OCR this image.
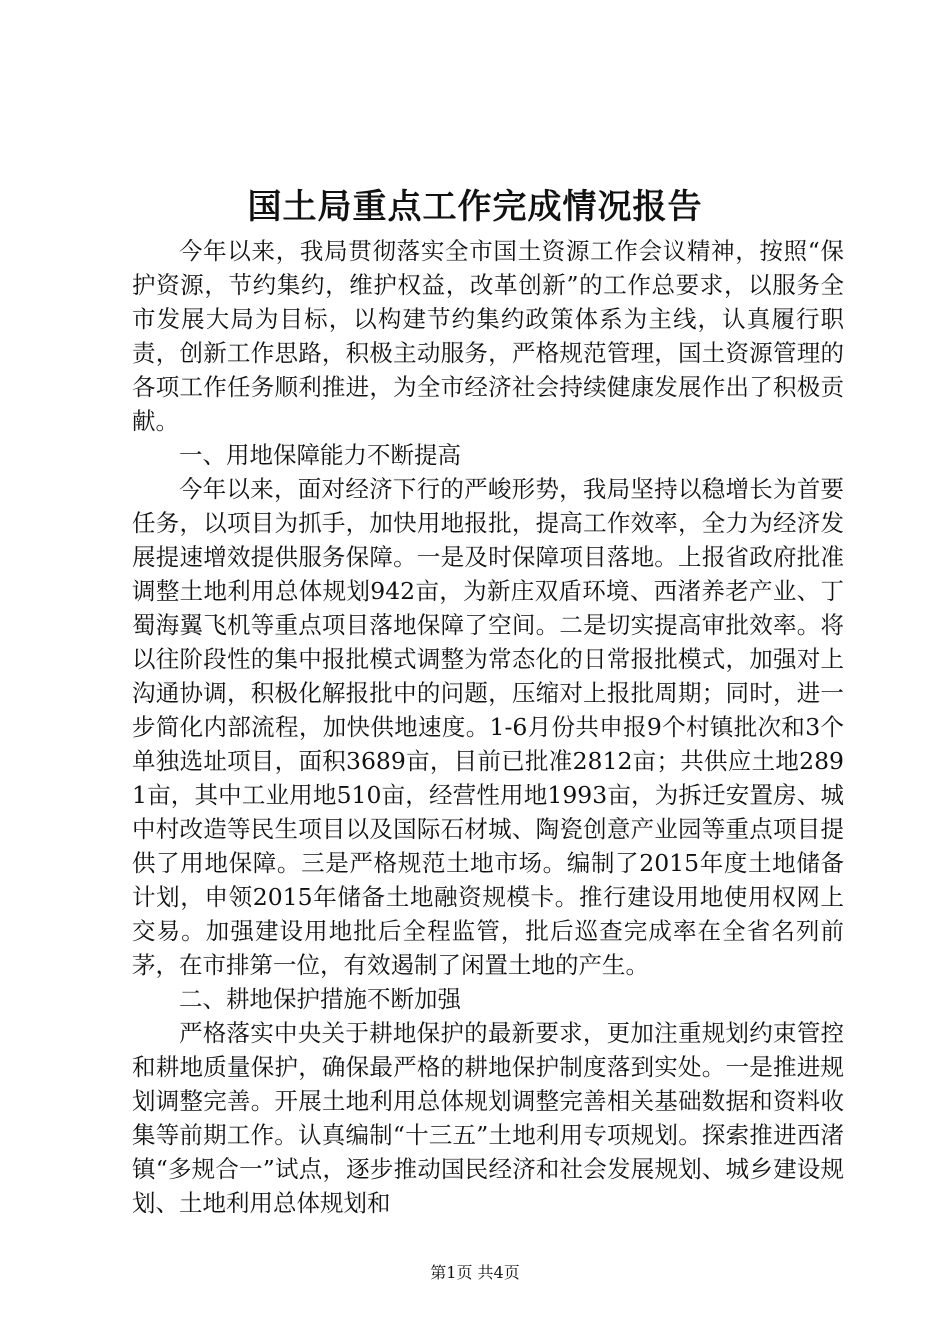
国土局重点工作完成情况报告

今年以来，我局贯彻落实全市国土资源工作会议精神，按照“保护资源，节约集约，维护权益，改革创新”的工作总要求，以服务全市发展大局为目标，以构建节约集约政策体系为主线，认真履行职责，创新工作思路，积极主动服务，严格规范管理，国土资源管理的各项工作任务顺利推进，为全市经济社会持续健康发展作出了积极贡献。

一、用地保障能力不断提高

今年以来，面对经济下行的严峻形势，我局坚持以稳增长为首要任务，以项目为抓手，加快用地报批，提高工作效率，全力为经济发展提速增效提供服务保障。一是及时保障项目落地。上报省政府批准调整土地利用总体规划942亩，为新庄双盾环境、西渚养老产业、丁蜀海翼飞机等重点项目落地保障了空间。二是切实提高审批效率。将以往阶段性的集中报批模式调整为常态化的日常报批模式，加强对上沟通协调，积极化解报批中的问题，压缩对上报批周期；同时，进一步简化内部流程，加快供地速度。1-6月份共申报9个村镇批次和3个单独选址项目，面积3689亩，目前已批准2812亩；共供应土地2891亩，其中工业用地510亩，经营性用地1993亩，为拆迁安置房、城中村改造等民生项目以及国际石材城、陶瓷创意产业园等重点项目提供了用地保障。三是严格规范土地市场。编制了2015年度土地储备计划，申领2015年储备土地融资规模卡。推行建设用地使用权网上交易。加强建设用地批后全程监管，批后巡查完成率在全省名列前茅，在市排第一位，有效遏制了闲置土地的产生。

二、耕地保护措施不断加强

严格落实中央关于耕地保护的最新要求，更加注重规划约束管控和耕地质量保护，确保最严格的耕地保护制度落到实处。一是推进规划调整完善。开展土地利用总体规划调整完善相关基础数据和资料收集等前期工作。认真编制“十三五”土地利用专项规划。探索推进西渚镇“多规合一”试点，逐步推动国民经济和社会发展规划、城乡建设规划、土地利用总体规划和

第1页 共4页
